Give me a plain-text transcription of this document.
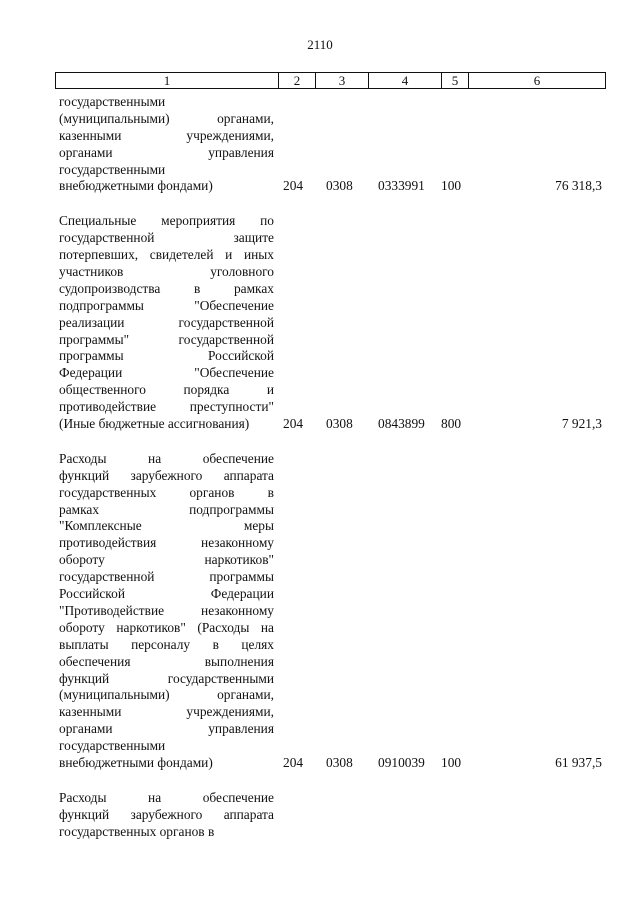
2110
1	2	3	4	5	6
государственными
(муниципальными) органами,
казенными учреждениями,
органами управления
государственными
внебюджетными фондами)	204 0308 0333991 100	76 318,3
Специальные мероприятия по
государственной защите
потерпевших, свидетелей и иных
участников уголовного
судопроизводства в рамках
подпрограммы "Обеспечение
реализации государственной
программы" государственной
программы Российской
Федерации "Обеспечение
общественного порядка и
противодействие преступности"
(Иные бюджетные ассигнования)	204 0308 0843899 800	7 921,3
Расходы на обеспечение
функций зарубежного аппарата
государственных органов в
рамках подпрограммы
"Комплексные меры
противодействия незаконному
обороту наркотиков"
государственной программы
Российской Федерации
"Противодействие незаконному
обороту наркотиков" (Расходы на
выплаты персоналу в целях
обеспечения выполнения
функций государственными
(муниципальными) органами,
казенными учреждениями,
органами управления
государственными
внебюджетными фондами)	204 0308 0910039 100	61 937,5
Расходы на обеспечение
функций зарубежного аппарата
государственных органов в
